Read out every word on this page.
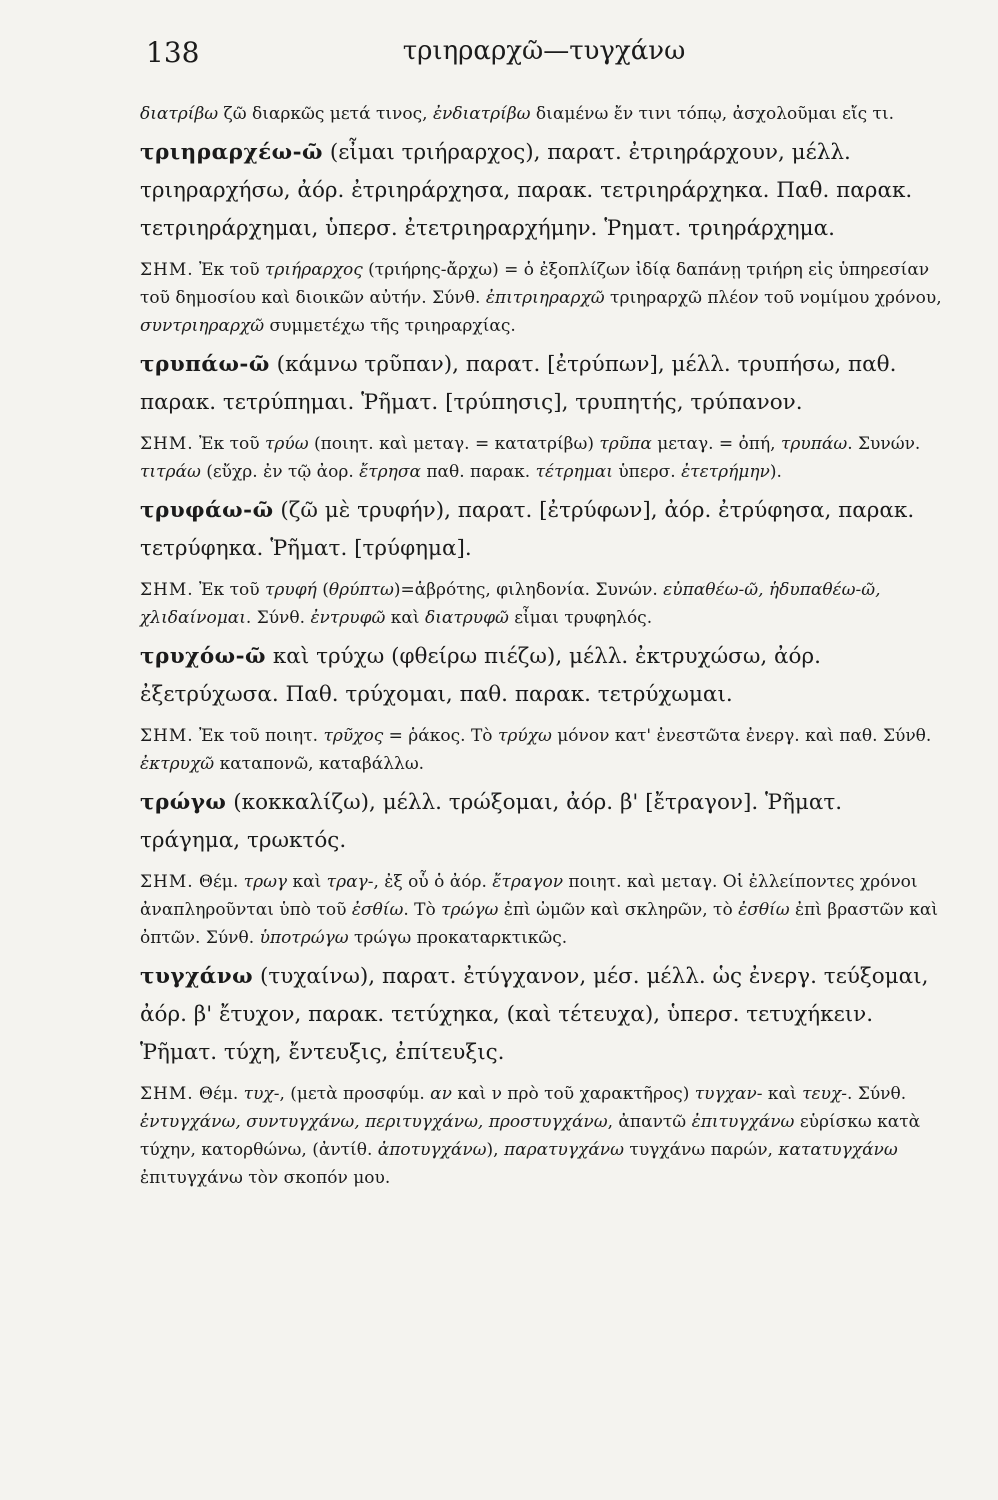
138	τριηραρχῶ—τυγχάνω

διατρίβω ζῶ διαρκῶς μετά τινος, ἐνδιατρίβω διαμένω ἔν τινι τόπῳ, ἀσχολοῦμαι εἴς τι.

τριηραρχέω-ῶ (εἶμαι τριήραρχος), παρατ. ἐτριηράρχουν, μέλλ. τριηραρχήσω, ἀόρ. ἐτριηράρχησα, παρακ. τετριηράρχηκα. Παθ. παρακ. τετριηράρχημαι, ὑπερσ. ἐτετριηραρχήμην. Ῥηματ. τριηράρχημα.

ΣΗΜ. Ἐκ τοῦ τριήραρχος (τριήρης-ἄρχω) = ὁ ἐξοπλίζων ἰδίᾳ δαπάνῃ τριήρη εἰς ὑπηρεσίαν τοῦ δημοσίου καὶ διοικῶν αὐτήν. Σύνθ. ἐπιτριηραρχῶ τριηραρχῶ πλέον τοῦ νομίμου χρόνου, συντριηραρχῶ συμμετέχω τῆς τριηραρχίας.

τρυπάω-ῶ (κάμνω τρῦπαν), παρατ. [ἐτρύπων], μέλλ. τρυπήσω, παθ. παρακ. τετρύπημαι. Ῥῆματ. [τρύπησις], τρυπητής, τρύπανον.

ΣΗΜ. Ἐκ τοῦ τρύω (ποιητ. καὶ μεταγ. = κατατρίβω) τρῦπα μεταγ. = ὀπή, τρυπάω. Συνών. τιτράω (εὔχρ. ἐν τῷ ἀορ. ἔτρησα παθ. παρακ. τέτρημαι ὑπερσ. ἐτετρήμην).

τρυφάω-ῶ (ζῶ μὲ τρυφήν), παρατ. [ἐτρύφων], ἀόρ. ἐτρύφησα, παρακ. τετρύφηκα. Ῥῆματ. [τρύφημα].

ΣΗΜ. Ἐκ τοῦ τρυφή (θρύπτω)=ἁβρότης, φιληδονία. Συνών. εὐπαθέω-ῶ, ἡδυπαθέω-ῶ, χλιδαίνομαι. Σύνθ. ἐντρυφῶ καὶ διατρυφῶ εἶμαι τρυφηλός.

τρυχόω-ῶ καὶ τρύχω (φθείρω πιέζω), μέλλ. ἐκτρυχώσω, ἀόρ. ἐξετρύχωσα. Παθ. τρύχομαι, παθ. παρακ. τετρύχωμαι.

ΣΗΜ. Ἐκ τοῦ ποιητ. τρῦχος = ῥάκος. Τὸ τρύχω μόνον κατ' ἐνεστῶτα ἐνεργ. καὶ παθ. Σύνθ. ἐκτρυχῶ καταπονῶ, καταβάλλω.

τρώγω (κοκκαλίζω), μέλλ. τρώξομαι, ἀόρ. β' [ἔτραγον]. Ῥῆματ. τράγημα, τρωκτός.

ΣΗΜ. Θέμ. τρωγ καὶ τραγ-, ἐξ οὗ ὁ ἀόρ. ἔτραγον ποιητ. καὶ μεταγ. Οἱ ἐλλείποντες χρόνοι ἀναπληροῦνται ὑπὸ τοῦ ἐσθίω. Τὸ τρώγω ἐπὶ ὠμῶν καὶ σκληρῶν, τὸ ἐσθίω ἐπὶ βραστῶν καὶ ὀπτῶν. Σύνθ. ὑποτρώγω τρώγω προκαταρκτικῶς.

τυγχάνω (τυχαίνω), παρατ. ἐτύγχανον, μέσ. μέλλ. ὡς ἐνεργ. τεύξομαι, ἀόρ. β' ἔτυχον, παρακ. τετύχηκα, (καὶ τέτευχα), ὑπερσ. τετυχήκειν. Ῥῆματ. τύχη, ἔντευξις, ἐπίτευξις.

ΣΗΜ. Θέμ. τυχ-, (μετὰ προσφύμ. αν καὶ ν πρὸ τοῦ χαρακτῆρος) τυγχαν- καὶ τευχ-. Σύνθ. ἐντυγχάνω, συντυγχάνω, περιτυγχάνω, προστυγχάνω, ἀπαντῶ ἐπιτυγχάνω εὑρίσκω κατὰ τύχην, κατορθώνω, (ἀντίθ. ἀποτυγχάνω), παρατυγχάνω τυγχάνω παρών, κατατυγχάνω ἐπιτυγχάνω τὸν σκοπόν μου.
